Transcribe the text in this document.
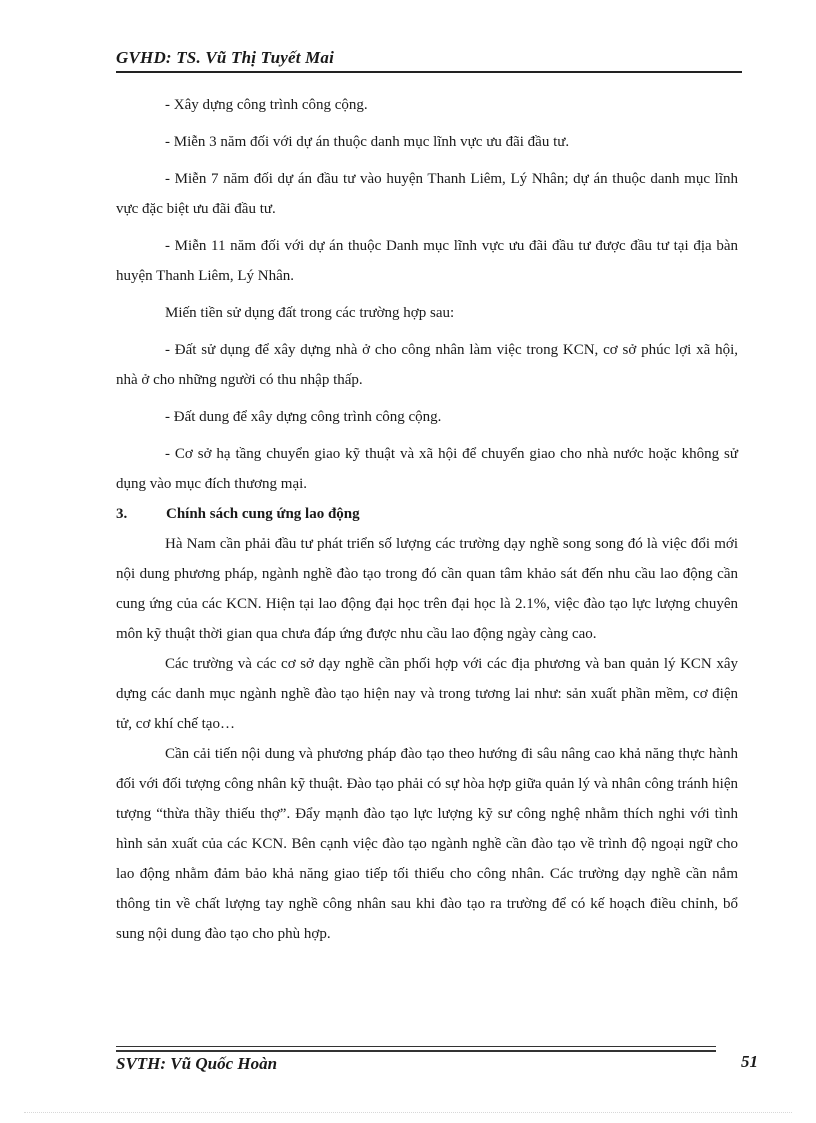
GVHD: TS. Vũ Thị Tuyết Mai

- Xây dựng công trình công cộng.

- Miễn 3 năm đối với dự án thuộc danh mục lĩnh vực ưu đãi đầu tư.

- Miễn 7 năm đối dự án đầu tư vào huyện Thanh Liêm, Lý Nhân; dự án thuộc danh mục lĩnh vực đặc biệt ưu đãi đầu tư.

- Miễn 11 năm đối với dự án thuộc Danh mục lĩnh vực ưu đãi đầu tư được đầu tư tại địa bàn huyện Thanh Liêm, Lý Nhân.

Miến tiền sử dụng đất trong các trường hợp sau:

- Đất sử dụng để xây dựng nhà ở cho công nhân làm việc trong KCN, cơ sở phúc lợi xã hội, nhà ở cho những người có thu nhập thấp.

- Đất dung để xây dựng công trình công cộng.

- Cơ sở hạ tầng chuyển giao kỹ thuật và xã hội để chuyển giao cho nhà nước hoặc không sử dụng vào mục đích thương mại.

3.	Chính sách cung ứng lao động

Hà Nam cần phải đầu tư phát triển số lượng các trường dạy nghề song song đó là việc đổi mới nội dung phương pháp, ngành nghề đào tạo trong đó cần quan tâm khảo sát đến nhu cầu lao động cần cung ứng của các KCN. Hiện tại lao động đại học trên đại học là 2.1%, việc đào tạo lực lượng chuyên môn kỹ thuật thời gian qua chưa đáp ứng được nhu cầu lao động ngày càng cao.

Các trường và các cơ sở dạy nghề cần phối hợp với các địa phương và ban quản lý KCN xây dựng các danh mục ngành nghề đào tạo hiện nay và trong tương lai như: sản xuất phần mềm, cơ điện tử, cơ khí chế tạo…

Cần cải tiến nội dung và phương pháp đào tạo theo hướng đi sâu nâng cao khả năng thực hành đối với đối tượng công nhân kỹ thuật. Đào tạo phải có sự hòa hợp giữa quản lý và nhân công tránh hiện tượng “thừa thầy thiếu thợ”. Đẩy mạnh đào tạo lực lượng kỹ sư công nghệ nhằm thích nghi với tình hình sản xuất của các KCN. Bên cạnh việc đào tạo ngành nghề cần đào tạo về trình độ ngoại ngữ cho lao động nhằm đảm bảo khả năng giao tiếp tối thiểu cho công nhân. Các trường dạy nghề cần nắm thông tin về chất lượng tay nghề công nhân sau khi đào tạo ra trường để có kế hoạch điều chỉnh, bổ sung nội dung đào tạo cho phù hợp.

SVTH: Vũ Quốc Hoàn	51
